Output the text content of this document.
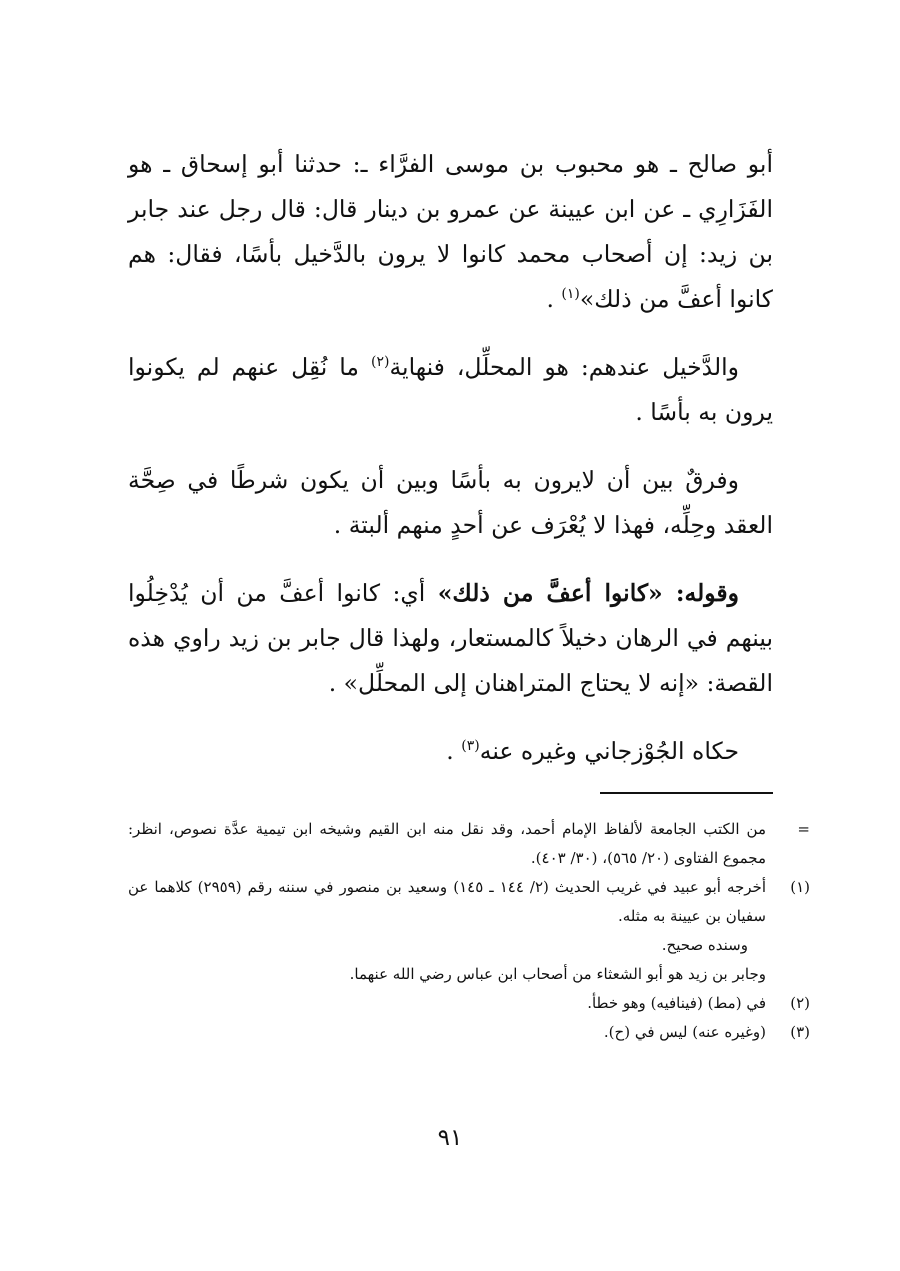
أبو صالح ـ هو محبوب بن موسى الفرَّاء ـ: حدثنا أبو إسحاق ـ هو الفَزَارِي ـ عن ابن عيينة عن عمرو بن دينار قال: قال رجل عند جابر بن زيد: إن أصحاب محمد كانوا لا يرون بالدَّخيل بأسًا، فقال: هم كانوا أعفَّ من ذلك»$^{(١)}$ .

والدَّخيل عندهم: هو المحلِّل، فنهاية$^{(٢)}$ ما نُقِل عنهم لم يكونوا يرون به بأسًا .

وفرقٌ بين أن لايرون به بأسًا وبين أن يكون شرطًا في صِحَّة العقد وحِلِّه، فهذا لا يُعْرَف عن أحدٍ منهم ألبتة .

وقوله: «كانوا أعفَّ من ذلك» أي: كانوا أعفَّ من أن يُدْخِلُوا بينهم في الرهان دخيلاً كالمستعار، ولهذا قال جابر بن زيد راوي هذه القصة: «إنه لا يحتاج المتراهنان إلى المحلِّل» .

حكاه الجُوْزجاني وغيره عنه$^{(٣)}$ .

=
من الكتب الجامعة لألفاظ الإمام أحمد، وقد نقل منه ابن القيم وشيخه ابن تيمية عدَّة نصوص، انظر: مجموع الفتاوى (٢٠/ ٥٦٥)، (٣٠/ ٤٠٣).
(١)
أخرجه أبو عبيد في غريب الحديث (٢/ ١٤٤ ـ ١٤٥) وسعيد بن منصور في سننه رقم (٢٩٥٩) كلاهما عن سفيان بن عيينة به مثله.
وسنده صحيح.
وجابر بن زيد هو أبو الشعثاء من أصحاب ابن عباس رضي الله عنهما.
(٢)
في (مط) (فينافيه) وهو خطأ.
(٣)
(وغيره عنه) ليس في (ح).
٩١
